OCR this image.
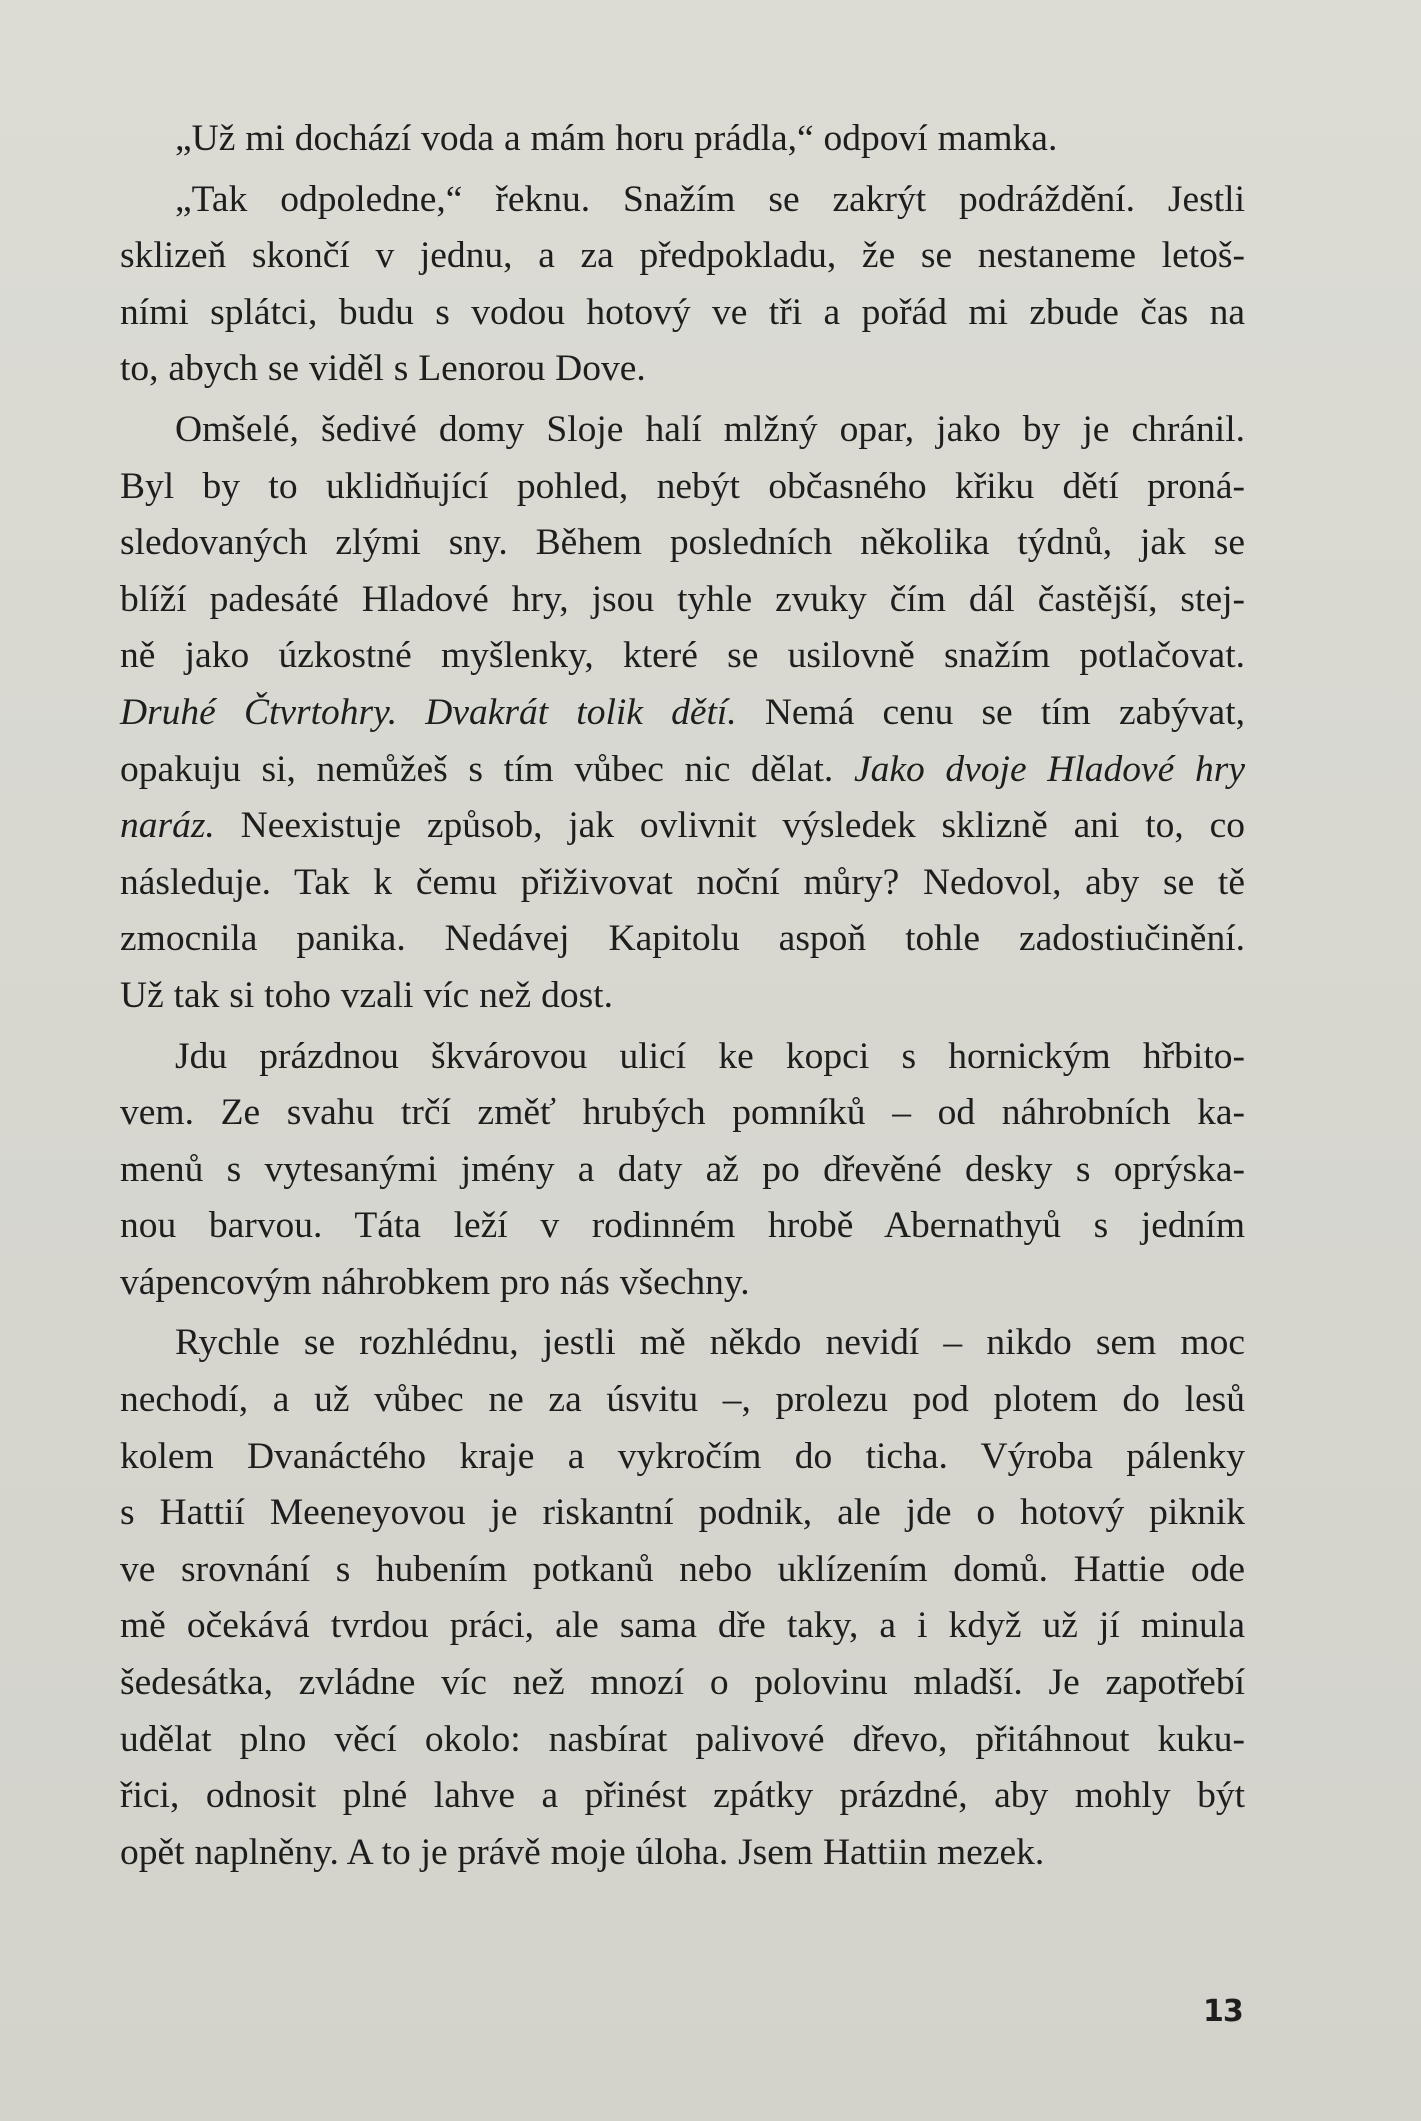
„Už mi dochází voda a mám horu prádla,“ odpoví mamka.
„Tak odpoledne,“ řeknu. Snažím se zakrýt podráždění. Jestli
sklizeň skončí v jednu, a za předpokladu, že se nestaneme letoš-
ními splátci, budu s vodou hotový ve tři a pořád mi zbude čas na
to, abych se viděl s Lenorou Dove.
Omšelé, šedivé domy Sloje halí mlžný opar, jako by je chránil.
Byl by to uklidňující pohled, nebýt občasného křiku dětí proná-
sledovaných zlými sny. Během posledních několika týdnů, jak se
blíží padesáté Hladové hry, jsou tyhle zvuky čím dál častější, stej-
ně jako úzkostné myšlenky, které se usilovně snažím potlačovat.
Druhé Čtvrtohry. Dvakrát tolik dětí. Nemá cenu se tím zabývat,
opakuju si, nemůžeš s tím vůbec nic dělat. Jako dvoje Hladové hry
naráz. Neexistuje způsob, jak ovlivnit výsledek sklizně ani to, co
následuje. Tak k čemu přiživovat noční můry? Nedovol, aby se tě
zmocnila panika. Nedávej Kapitolu aspoň tohle zadostiučinění.
Už tak si toho vzali víc než dost.
Jdu prázdnou škvárovou ulicí ke kopci s hornickým hřbito-
vem. Ze svahu trčí změť hrubých pomníků – od náhrobních ka-
menů s vytesanými jmény a daty až po dřevěné desky s oprýska-
nou barvou. Táta leží v rodinném hrobě Abernathyů s jedním
vápencovým náhrobkem pro nás všechny.
Rychle se rozhlédnu, jestli mě někdo nevidí – nikdo sem moc
nechodí, a už vůbec ne za úsvitu –, prolezu pod plotem do lesů
kolem Dvanáctého kraje a vykročím do ticha. Výroba pálenky
s Hattií Meeneyovou je riskantní podnik, ale jde o hotový piknik
ve srovnání s hubením potkanů nebo uklízením domů. Hattie ode
mě očekává tvrdou práci, ale sama dře taky, a i když už jí minula
šedesátka, zvládne víc než mnozí o polovinu mladší. Je zapotřebí
udělat plno věcí okolo: nasbírat palivové dřevo, přitáhnout kuku-
řici, odnosit plné lahve a přinést zpátky prázdné, aby mohly být
opět naplněny. A to je právě moje úloha. Jsem Hattiin mezek.
13
